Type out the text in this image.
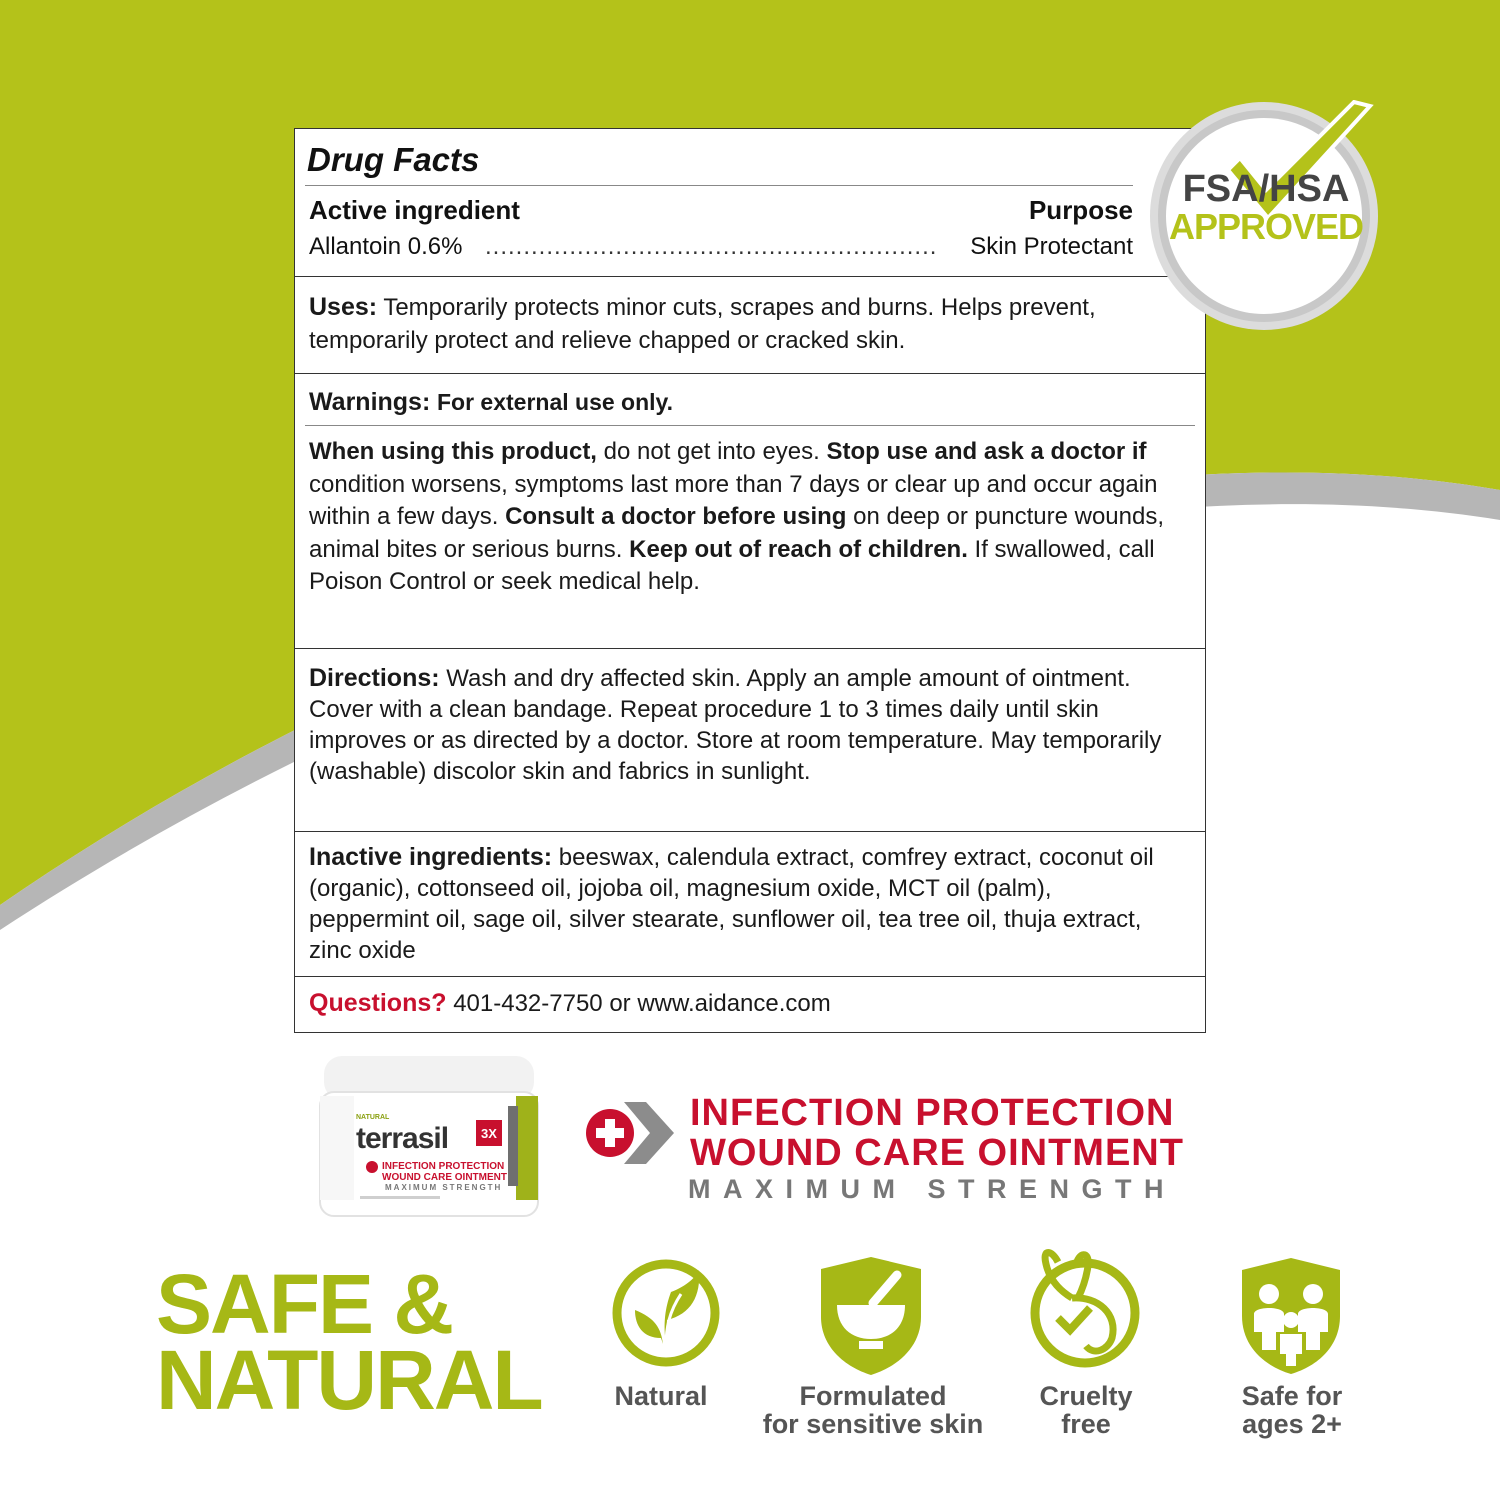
Drug Facts
Active ingredient	Purpose
Allantoin 0.6% ........................................................... Skin Protectant
Uses: Temporarily protects minor cuts, scrapes and burns. Helps prevent, temporarily protect and relieve chapped or cracked skin.
Warnings: For external use only.
When using this product, do not get into eyes. Stop use and ask a doctor if condition worsens, symptoms last more than 7 days or clear up and occur again within a few days. Consult a doctor before using on deep or puncture wounds, animal bites or serious burns. Keep out of reach of children. If swallowed, call Poison Control or seek medical help.
Directions: Wash and dry affected skin. Apply an ample amount of ointment. Cover with a clean bandage. Repeat procedure 1 to 3 times daily until skin improves or as directed by a doctor. Store at room temperature. May temporarily (washable) discolor skin and fabrics in sunlight.
Inactive ingredients: beeswax, calendula extract, comfrey extract, coconut oil (organic), cottonseed oil, jojoba oil, magnesium oxide, MCT oil (palm), peppermint oil, sage oil, silver stearate, sunflower oil, tea tree oil, thuja extract, zinc oxide
Questions? 401-432-7750 or www.aidance.com
FSA/HSA
APPROVED
3X
NATURAL
terrasil
INFECTION PROTECTION
WOUND CARE OINTMENT
MAXIMUM STRENGTH
INFECTION PROTECTION
WOUND CARE OINTMENT
MAXIMUM STRENGTH
SAFE &
NATURAL	Natural	Formulated
for sensitive skin
Cruelty
free
Safe for
ages 2+
